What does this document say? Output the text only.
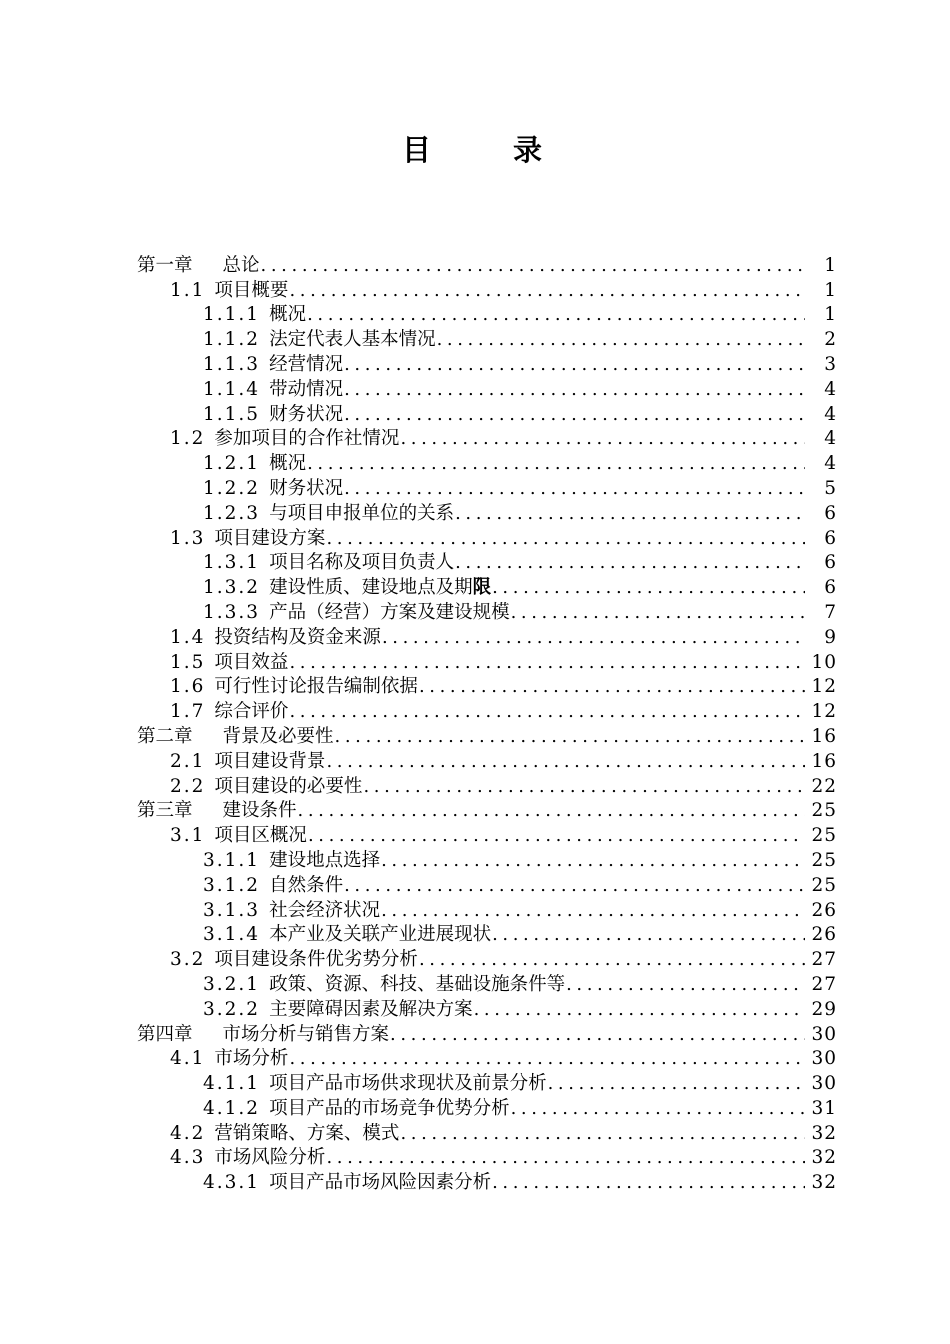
目 录
第一章 总论 .....	1
1.1 项目概要 .....	1
1.1.1 概况 .....	1
1.1.2 法定代表人基本情况 .....	2
1.1.3 经营情况 .....	3
1.1.4 带动情况 .....	4
1.1.5 财务状况 .....	4
1.2 参加项目的合作社情况 .....	4
1.2.1 概况 .....	4
1.2.2 财务状况 .....	5
1.2.3 与项目申报单位的关系 .....	6
1.3 项目建设方案 .....	6
1.3.1 项目名称及项目负责人 .....	6
1.3.2 建设性质、建设地点及期限 .....	6
1.3.3 产品（经营）方案及建设规模 .....	7
1.4 投资结构及资金来源 .....	9
1.5 项目效益 .....	10
1.6 可行性讨论报告编制依据 .....	12
1.7 综合评价 .....	12
第二章 背景及必要性 .....	16
2.1 项目建设背景 .....	16
2.2 项目建设的必要性 .....	22
第三章 建设条件 .....	25
3.1 项目区概况 .....	25
3.1.1 建设地点选择 .....	25
3.1.2 自然条件 .....	25
3.1.3 社会经济状况 .....	26
3.1.4 本产业及关联产业进展现状 .....	26
3.2 项目建设条件优劣势分析 .....	27
3.2.1 政策、资源、科技、基础设施条件等 .....	27
3.2.2 主要障碍因素及解决方案 .....	29
第四章 市场分析与销售方案 .....	30
4.1 市场分析 .....	30
4.1.1 项目产品市场供求现状及前景分析 .....	30
4.1.2 项目产品的市场竞争优势分析 .....	31
4.2 营销策略、方案、模式 .....	32
4.3 市场风险分析 .....	32
4.3.1 项目产品市场风险因素分析 .....	32
